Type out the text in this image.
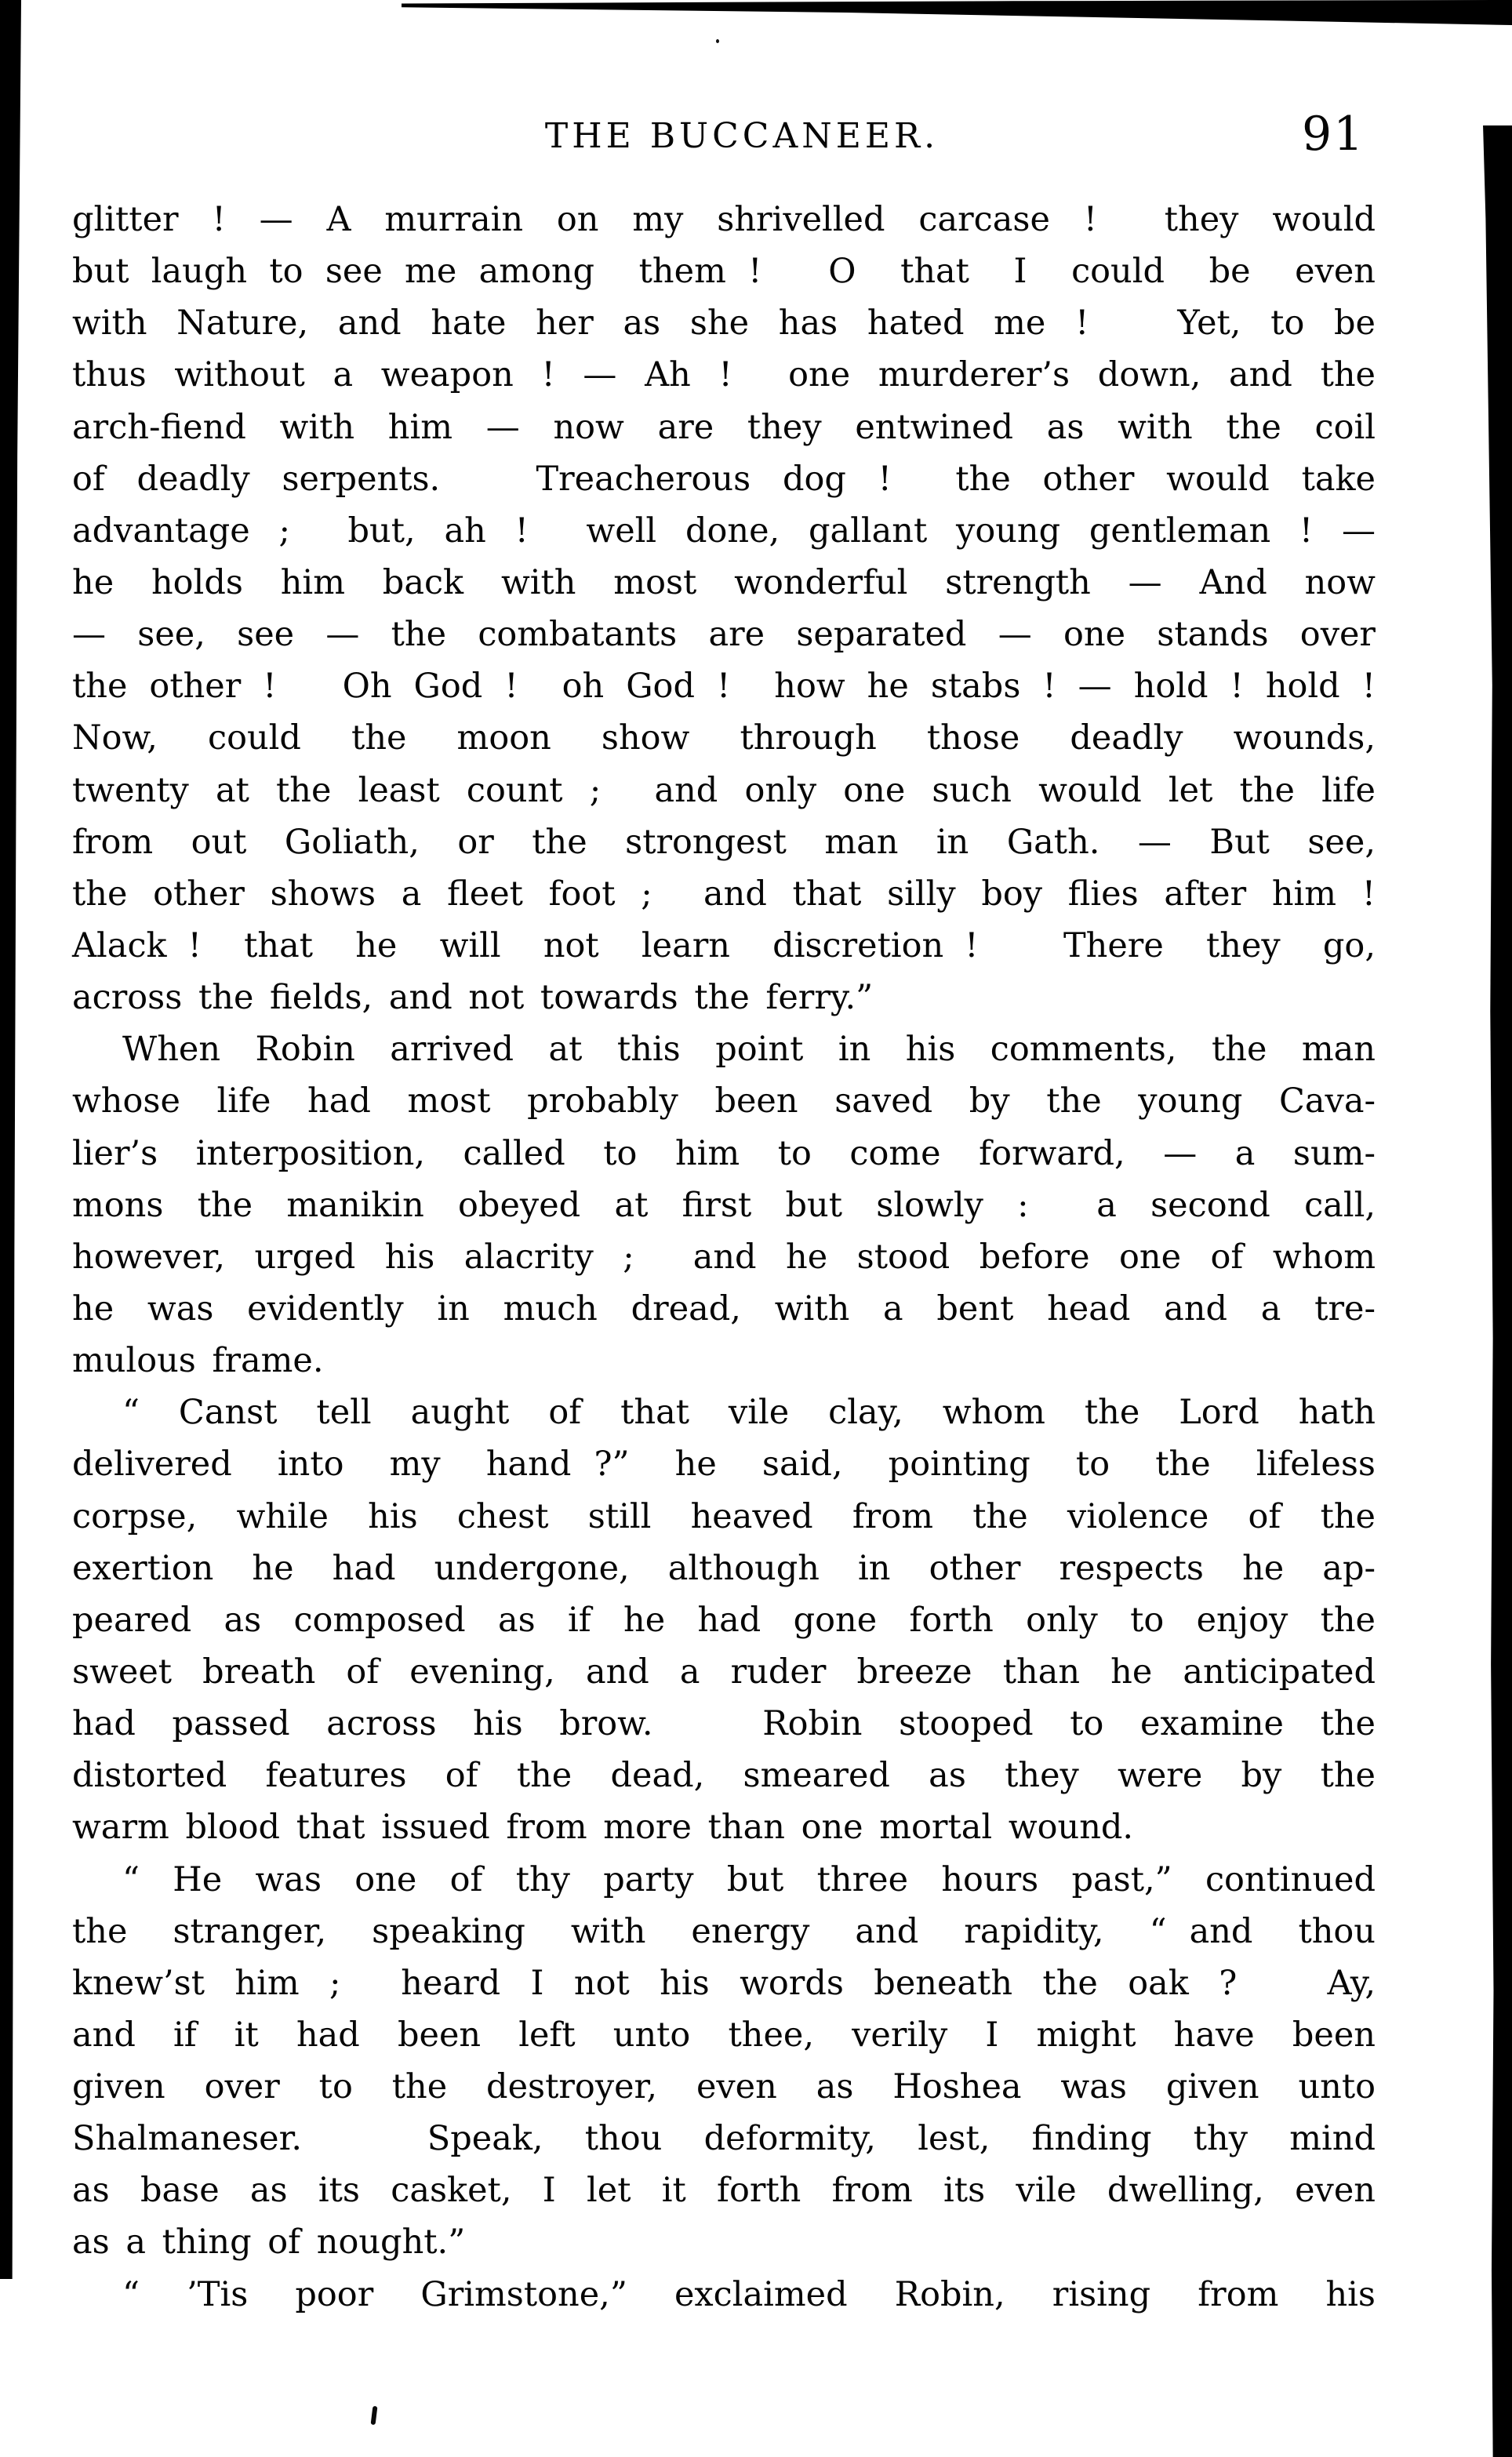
THE BUCCANEER.	91
glitter ! — A murrain on my shrivelled carcase !  they would
but laugh to see me among  them !   O  that  I  could  be  even
with Nature, and hate her as she has hated me !   Yet, to be
thus without a weapon ! — Ah !  one murderer’s down, and the
arch-fiend with him — now are they entwined as with the coil
of deadly serpents.   Treacherous dog !  the other would take
advantage ;  but, ah !  well done, gallant young gentleman ! —
he holds him back with most wonderful strength — And now
— see, see — the combatants are separated — one stands over
the other !   Oh God !  oh God !  how he stabs ! — hold ! hold !
Now,  could  the  moon  show  through  those  deadly  wounds,
twenty at the least count ;  and only one such would let the life
from out Goliath, or the strongest man in Gath. — But see,
the other shows a fleet foot ;  and that silly boy flies after him !
Alack !  that  he  will  not  learn  discretion !    There  they  go,
across the fields, and not towards the ferry.”
When Robin arrived at this point in his comments, the man
whose life had most probably been saved by the young Cava-
lier’s interposition, called to him to come forward, — a sum-
mons the manikin obeyed at first but slowly :  a second call,
however, urged his alacrity ;  and he stood before one of whom
he was evidently in much dread, with a bent head and a tre-
mulous frame.
“ Canst tell aught of that vile clay, whom the Lord hath
delivered  into  my  hand ?”  he  said,  pointing  to  the  lifeless
corpse, while his chest still heaved from the violence of the
exertion he had undergone, although in other respects he ap-
peared as composed as if he had gone forth only to enjoy the
sweet breath of evening, and a ruder breeze than he anticipated
had passed across his brow.   Robin stooped to examine the
distorted features of the dead, smeared as they were by the
warm blood that issued from more than one mortal wound.
“ He was one of thy party but three hours past,” continued
the  stranger,  speaking  with  energy  and  rapidity,  “ and  thou
knew’st him ;  heard I not his words beneath the oak ?   Ay,
and if it had been left unto thee, verily I might have been
given over to the destroyer, even as Hoshea was given unto
Shalmaneser.   Speak, thou deformity, lest, finding thy mind
as base as its casket, I let it forth from its vile dwelling, even
as a thing of nought.”
“ ’Tis poor Grimstone,” exclaimed Robin, rising from his
